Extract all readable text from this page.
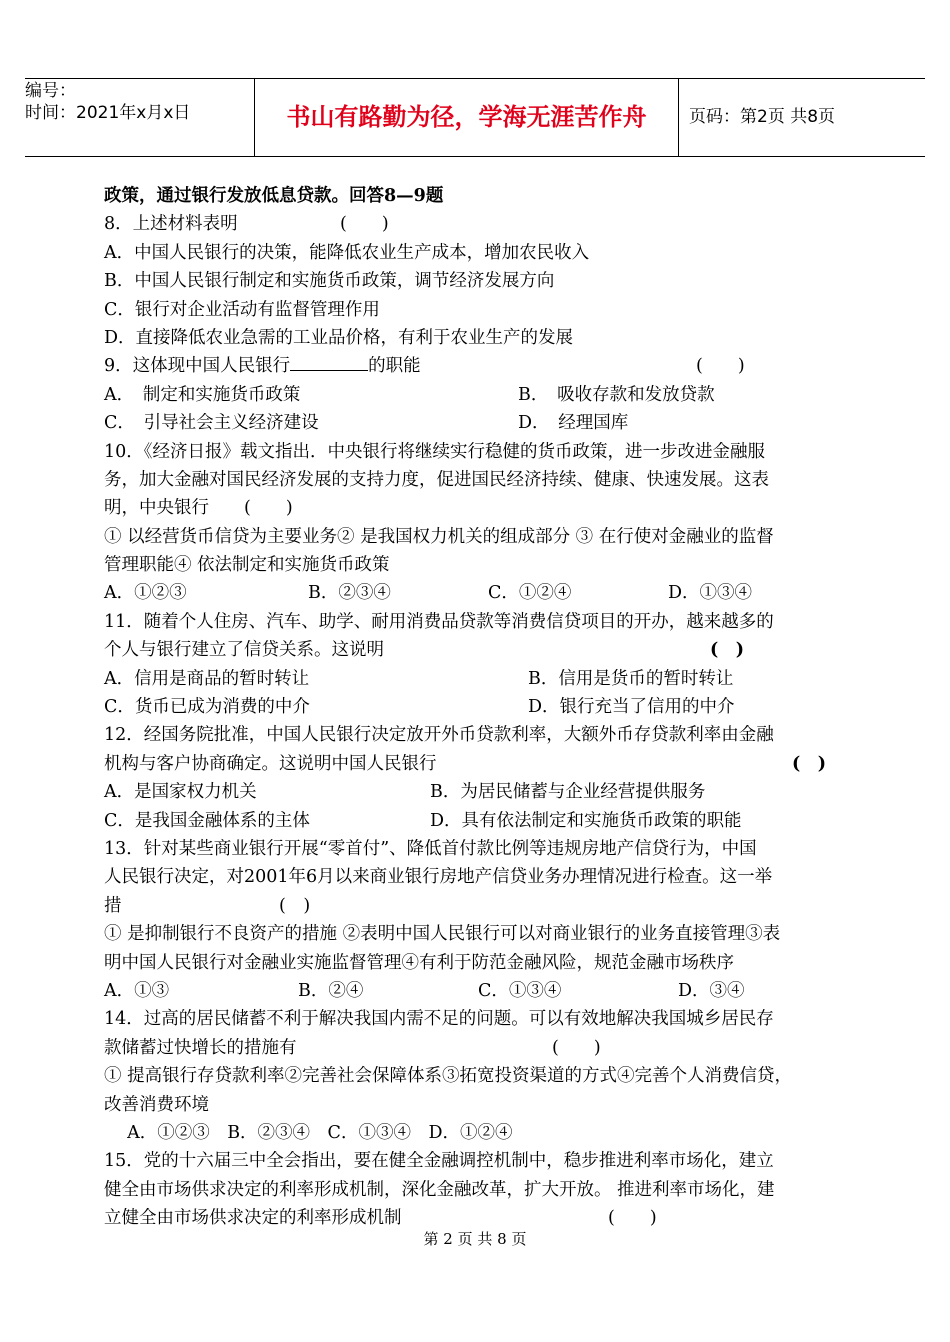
编号：
时间：2021年x月x日	书山有路勤为径，学海无涯苦作舟	页码：第2页 共8页
政策，通过银行发放低息贷款。回答8—9题
8．上述材料表明	(　　)
A．中国人民银行的决策，能降低农业生产成本，增加农民收入
B．中国人民银行制定和实施货币政策，调节经济发展方向
C．银行对企业活动有监督管理作用
D．直接降低农业急需的工业品价格，有利于农业生产的发展
9．这体现中国人民银行	的职能	(　　)
A．　制定和实施货币政策	B．　吸收存款和发放贷款
C．　引导社会主义经济建设	D．　经理国库
10．《经济日报》载文指出．中央银行将继续实行稳健的货币政策，进一步改进金融服
务，加大金融对国民经济发展的支持力度，促进国民经济持续、健康、快速发展。这表
明，中央银行　　(　　)
① 以经营货币信贷为主要业务② 是我国权力机关的组成部分 ③ 在行使对金融业的监督
管理职能④ 依法制定和实施货币政策
A．①②③	B．②③④	C．①②④	D．①③④
11．随着个人住房、汽车、助学、耐用消费品贷款等消费信贷项目的开办，越来越多的
个人与银行建立了信贷关系。这说明	(　)
A．信用是商品的暂时转让	B．信用是货币的暂时转让
C．货币已成为消费的中介	D．银行充当了信用的中介
12．经国务院批准，中国人民银行决定放开外币贷款利率，大额外币存贷款利率由金融
机构与客户协商确定。这说明中国人民银行	(　)
A．是国家权力机关	B．为居民储蓄与企业经营提供服务
C．是我国金融体系的主体	D．具有依法制定和实施货币政策的职能
13．针对某些商业银行开展“零首付”、降低首付款比例等违规房地产信贷行为，中国
人民银行决定，对2001年6月以来商业银行房地产信贷业务办理情况进行检查。这一举
措　　　　　　　　　(　)
① 是抑制银行不良资产的措施 ②表明中国人民银行可以对商业银行的业务直接管理③表
明中国人民银行对金融业实施监督管理④有利于防范金融风险，规范金融市场秩序
A．①③	B．②④	C．①③④	D．③④
14．过高的居民储蓄不利于解决我国内需不足的问题。可以有效地解决我国城乡居民存
款储蓄过快增长的措施有	(　　)
① 提高银行存贷款利率②完善社会保障体系③拓宽投资渠道的方式④完善个人消费信贷，
改善消费环境
　 A．①②③　B．②③④　C．①③④　D．①②④
15．党的十六届三中全会指出，要在健全金融调控机制中，稳步推进利率市场化，建立
健全由市场供求决定的利率形成机制，深化金融改革，扩大开放。 推进利率市场化，建
立健全由市场供求决定的利率形成机制	(　　)
第 2 页 共 8 页
